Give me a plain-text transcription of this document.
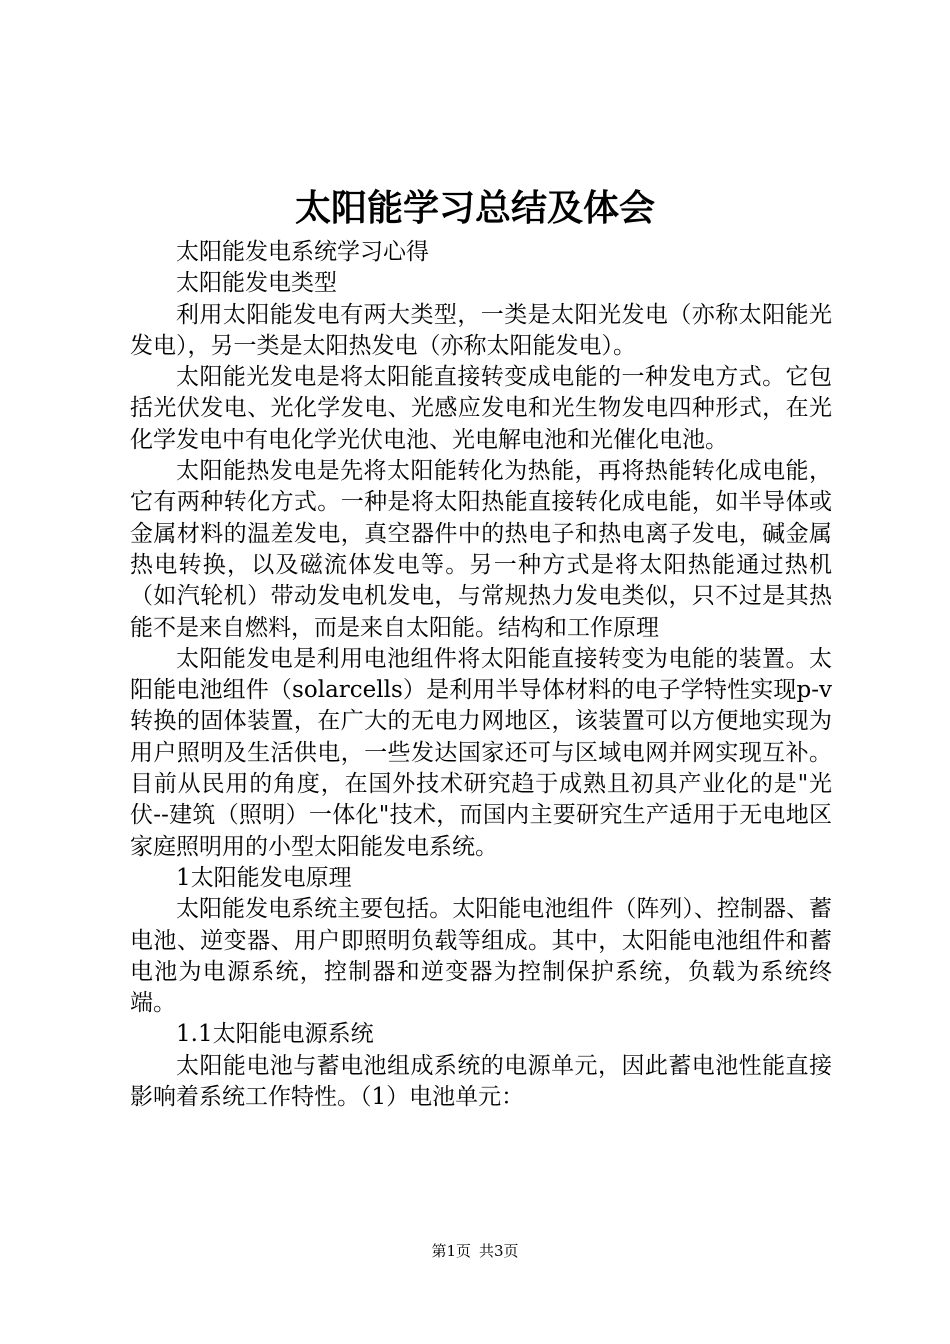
太阳能学习总结及体会

太阳能发电系统学习心得

太阳能发电类型

利用太阳能发电有两大类型，一类是太阳光发电（亦称太阳能光发电），另一类是太阳热发电（亦称太阳能发电）。

太阳能光发电是将太阳能直接转变成电能的一种发电方式。它包括光伏发电、光化学发电、光感应发电和光生物发电四种形式，在光化学发电中有电化学光伏电池、光电解电池和光催化电池。

太阳能热发电是先将太阳能转化为热能，再将热能转化成电能，它有两种转化方式。一种是将太阳热能直接转化成电能，如半导体或金属材料的温差发电，真空器件中的热电子和热电离子发电，碱金属热电转换，以及磁流体发电等。另一种方式是将太阳热能通过热机（如汽轮机）带动发电机发电，与常规热力发电类似，只不过是其热能不是来自燃料，而是来自太阳能。结构和工作原理

太阳能发电是利用电池组件将太阳能直接转变为电能的装置。太阳能电池组件（solarcells）是利用半导体材料的电子学特性实现p-v转换的固体装置，在广大的无电力网地区，该装置可以方便地实现为用户照明及生活供电，一些发达国家还可与区域电网并网实现互补。目前从民用的角度，在国外技术研究趋于成熟且初具产业化的是"光伏--建筑（照明）一体化"技术，而国内主要研究生产适用于无电地区家庭照明用的小型太阳能发电系统。

1太阳能发电原理

太阳能发电系统主要包括。太阳能电池组件（阵列）、控制器、蓄电池、逆变器、用户即照明负载等组成。其中，太阳能电池组件和蓄电池为电源系统，控制器和逆变器为控制保护系统，负载为系统终端。

1.1太阳能电源系统

太阳能电池与蓄电池组成系统的电源单元，因此蓄电池性能直接影响着系统工作特性。（1）电池单元：

第1页 共3页
